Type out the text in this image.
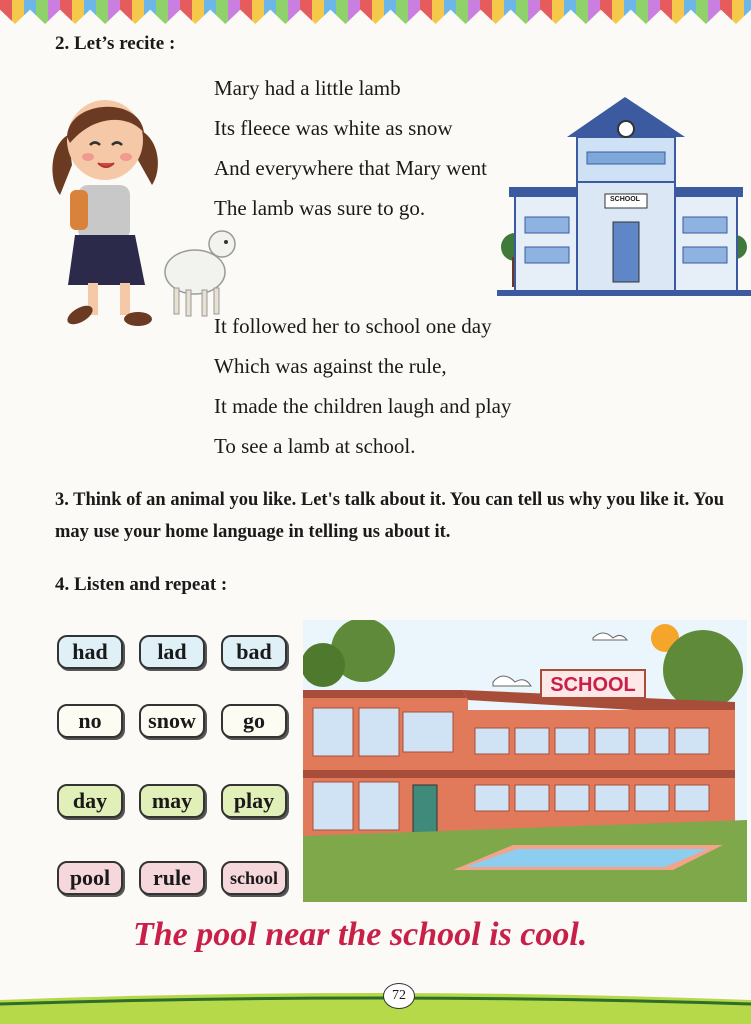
2. Let’s recite :
Mary had a little lamb
Its fleece was white as snow
And everywhere that Mary went
The lamb was sure to go.
It followed her to school one day
Which was against the rule,
It made the children laugh and play
To see a lamb at school.
SCHOOL
3. Think of an animal you like. Let's talk about it. You can tell us why you like it. You may use your home language in telling us about it.
4. Listen and repeat :
had	lad	bad
no	snow	go
day	may	play
pool	rule	school
SCHOOL
The pool near the school is cool.
72
